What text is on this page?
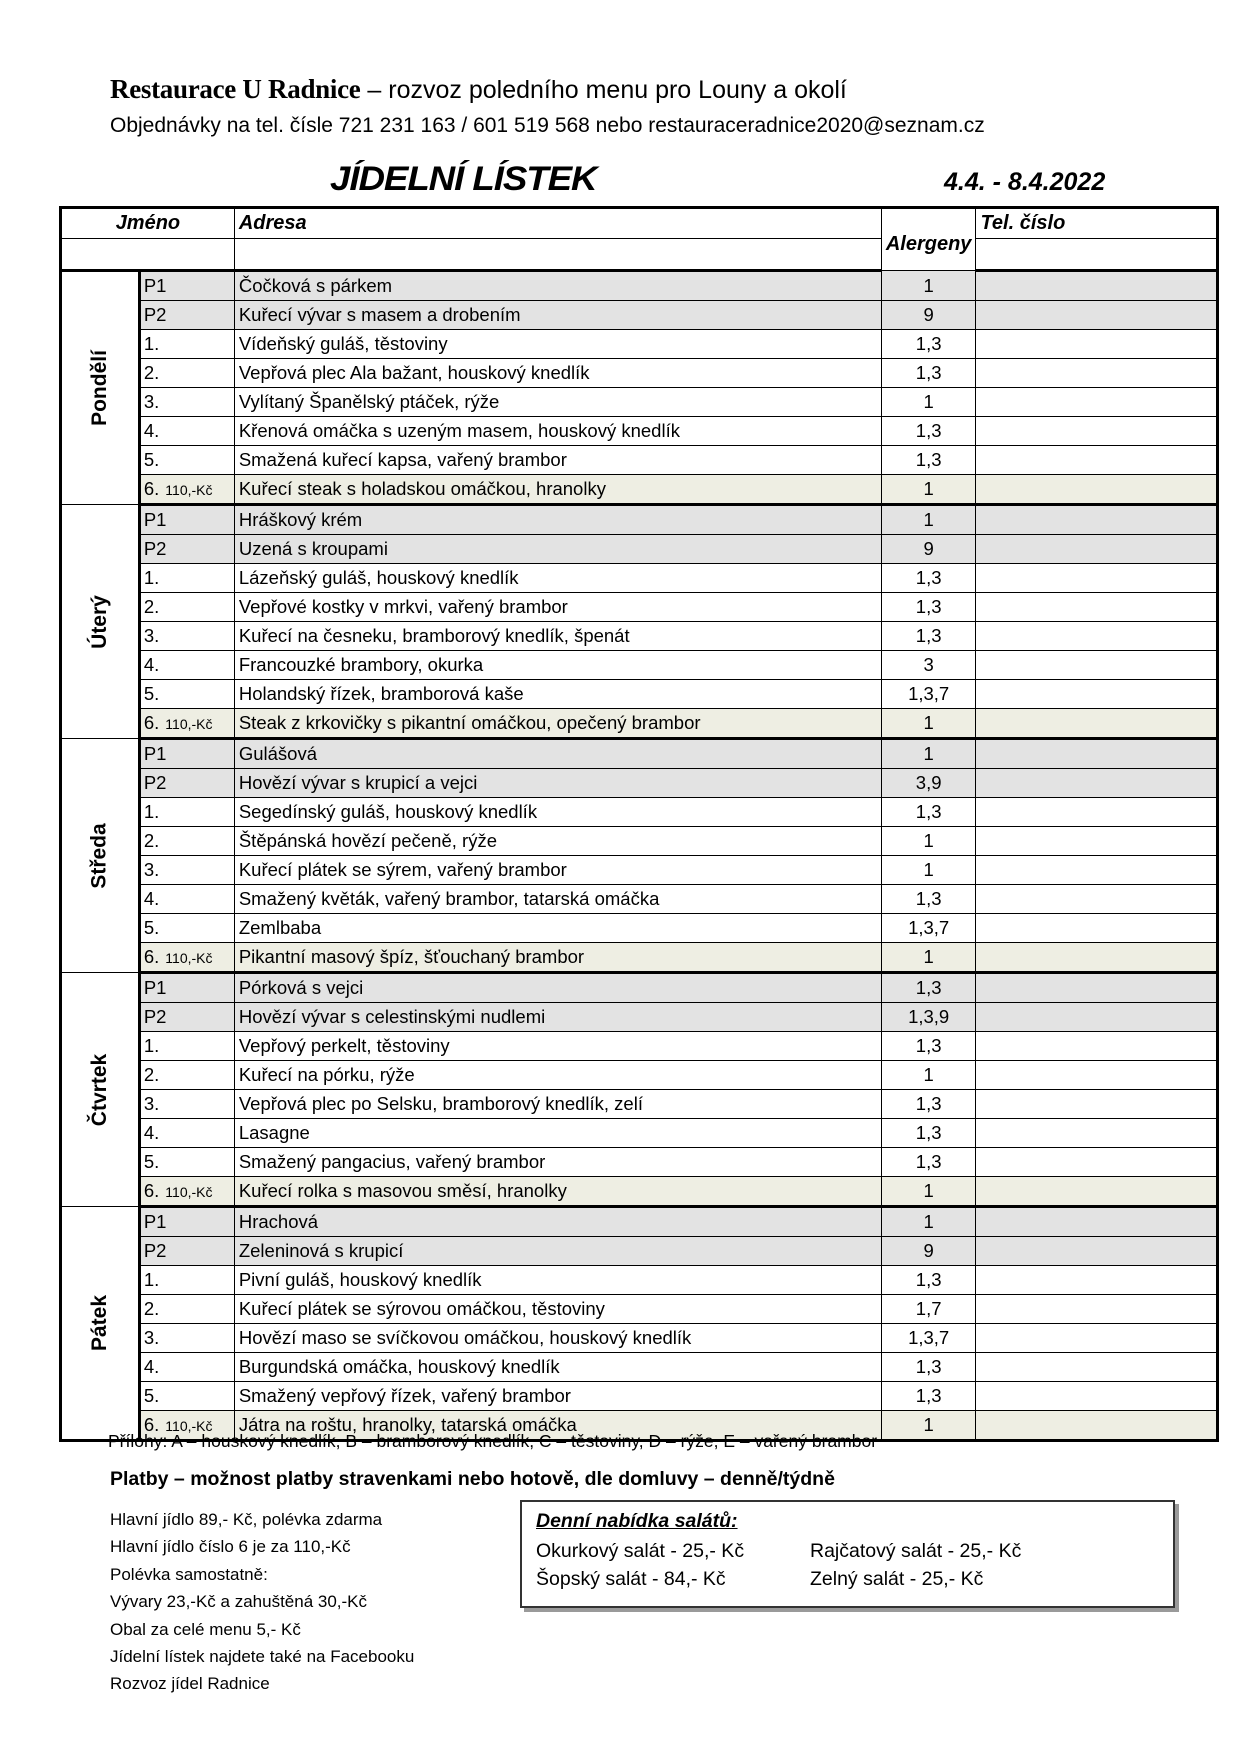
Restaurace U Radnice – rozvoz poledního menu pro Louny a okolí
Objednávky na tel. čísle 721 231 163 / 601 519 568 nebo restauraceradnice2020@seznam.cz
JÍDELNÍ LÍSTEK	4.4. - 8.4.2022
Jméno		Adresa	Alergeny	Tel. číslo

Pondělí	P1	Čočková s párkem	1	
	P2	Kuřecí vývar s masem a drobením	9	
	1.	Vídeňský guláš, těstoviny	1,3	
	2.	Vepřová plec Ala bažant, houskový knedlík	1,3	
	3.	Vylítaný Španělský ptáček, rýže	1	
	4.	Křenová omáčka s uzeným masem, houskový knedlík	1,3	
	5.	Smažená kuřecí kapsa, vařený brambor	1,3	
	6. 110,-Kč	Kuřecí steak s holadskou omáčkou, hranolky	1	
Úterý	P1	Hráškový krém	1	
	P2	Uzená s kroupami	9	
	1.	Lázeňský guláš, houskový knedlík	1,3	
	2.	Vepřové kostky v mrkvi, vařený brambor	1,3	
	3.	Kuřecí na česneku, bramborový knedlík, špenát	1,3	
	4.	Francouzké brambory, okurka	3	
	5.	Holandský řízek, bramborová kaše	1,3,7	
	6. 110,-Kč	Steak z krkovičky s pikantní omáčkou, opečený brambor	1	
Středa	P1	Gulášová	1	
	P2	Hovězí vývar s krupicí a vejci	3,9	
	1.	Segedínský guláš, houskový knedlík	1,3	
	2.	Štěpánská hovězí pečeně, rýže	1	
	3.	Kuřecí plátek se sýrem, vařený brambor	1	
	4.	Smažený květák, vařený brambor, tatarská omáčka	1,3	
	5.	Zemlbaba	1,3,7	
	6. 110,-Kč	Pikantní masový špíz, šťouchaný brambor	1	
Čtvrtek	P1	Pórková s vejci	1,3	
	P2	Hovězí vývar s celestinskými nudlemi	1,3,9	
	1.	Vepřový perkelt, těstoviny	1,3	
	2.	Kuřecí na pórku, rýže	1	
	3.	Vepřová plec po Selsku, bramborový knedlík, zelí	1,3	
	4.	Lasagne	1,3	
	5.	Smažený pangacius, vařený brambor	1,3	
	6. 110,-Kč	Kuřecí rolka s masovou směsí, hranolky	1	
Pátek	P1	Hrachová	1	
	P2	Zeleninová s krupicí	9	
	1.	Pivní guláš, houskový knedlík	1,3	
	2.	Kuřecí plátek se sýrovou omáčkou, těstoviny	1,7	
	3.	Hovězí maso se svíčkovou omáčkou, houskový knedlík	1,3,7	
	4.	Burgundská omáčka, houskový knedlík	1,3	
	5.	Smažený vepřový řízek, vařený brambor	1,3	
	6. 110,-Kč	Játra na roštu, hranolky, tatarská omáčka	1	
Přílohy: A – houskový knedlík, B – bramborový knedlík, C – těstoviny, D – rýže, E – vařený brambor
Platby – možnost platby stravenkami nebo hotově, dle domluvy – denně/týdně
Hlavní jídlo 89,- Kč, polévka zdarma
Hlavní jídlo číslo 6 je za 110,-Kč
Polévka samostatně:
Vývary 23,-Kč a zahuštěná 30,-Kč
Obal za celé menu 5,- Kč
Jídelní lístek najdete také na Facebooku
Rozvoz jídel Radnice
Denní nabídka salátů:
Okurkový salát - 25,- Kč	Rajčatový salát - 25,- Kč
Šopský salát - 84,- Kč	Zelný salát - 25,- Kč
